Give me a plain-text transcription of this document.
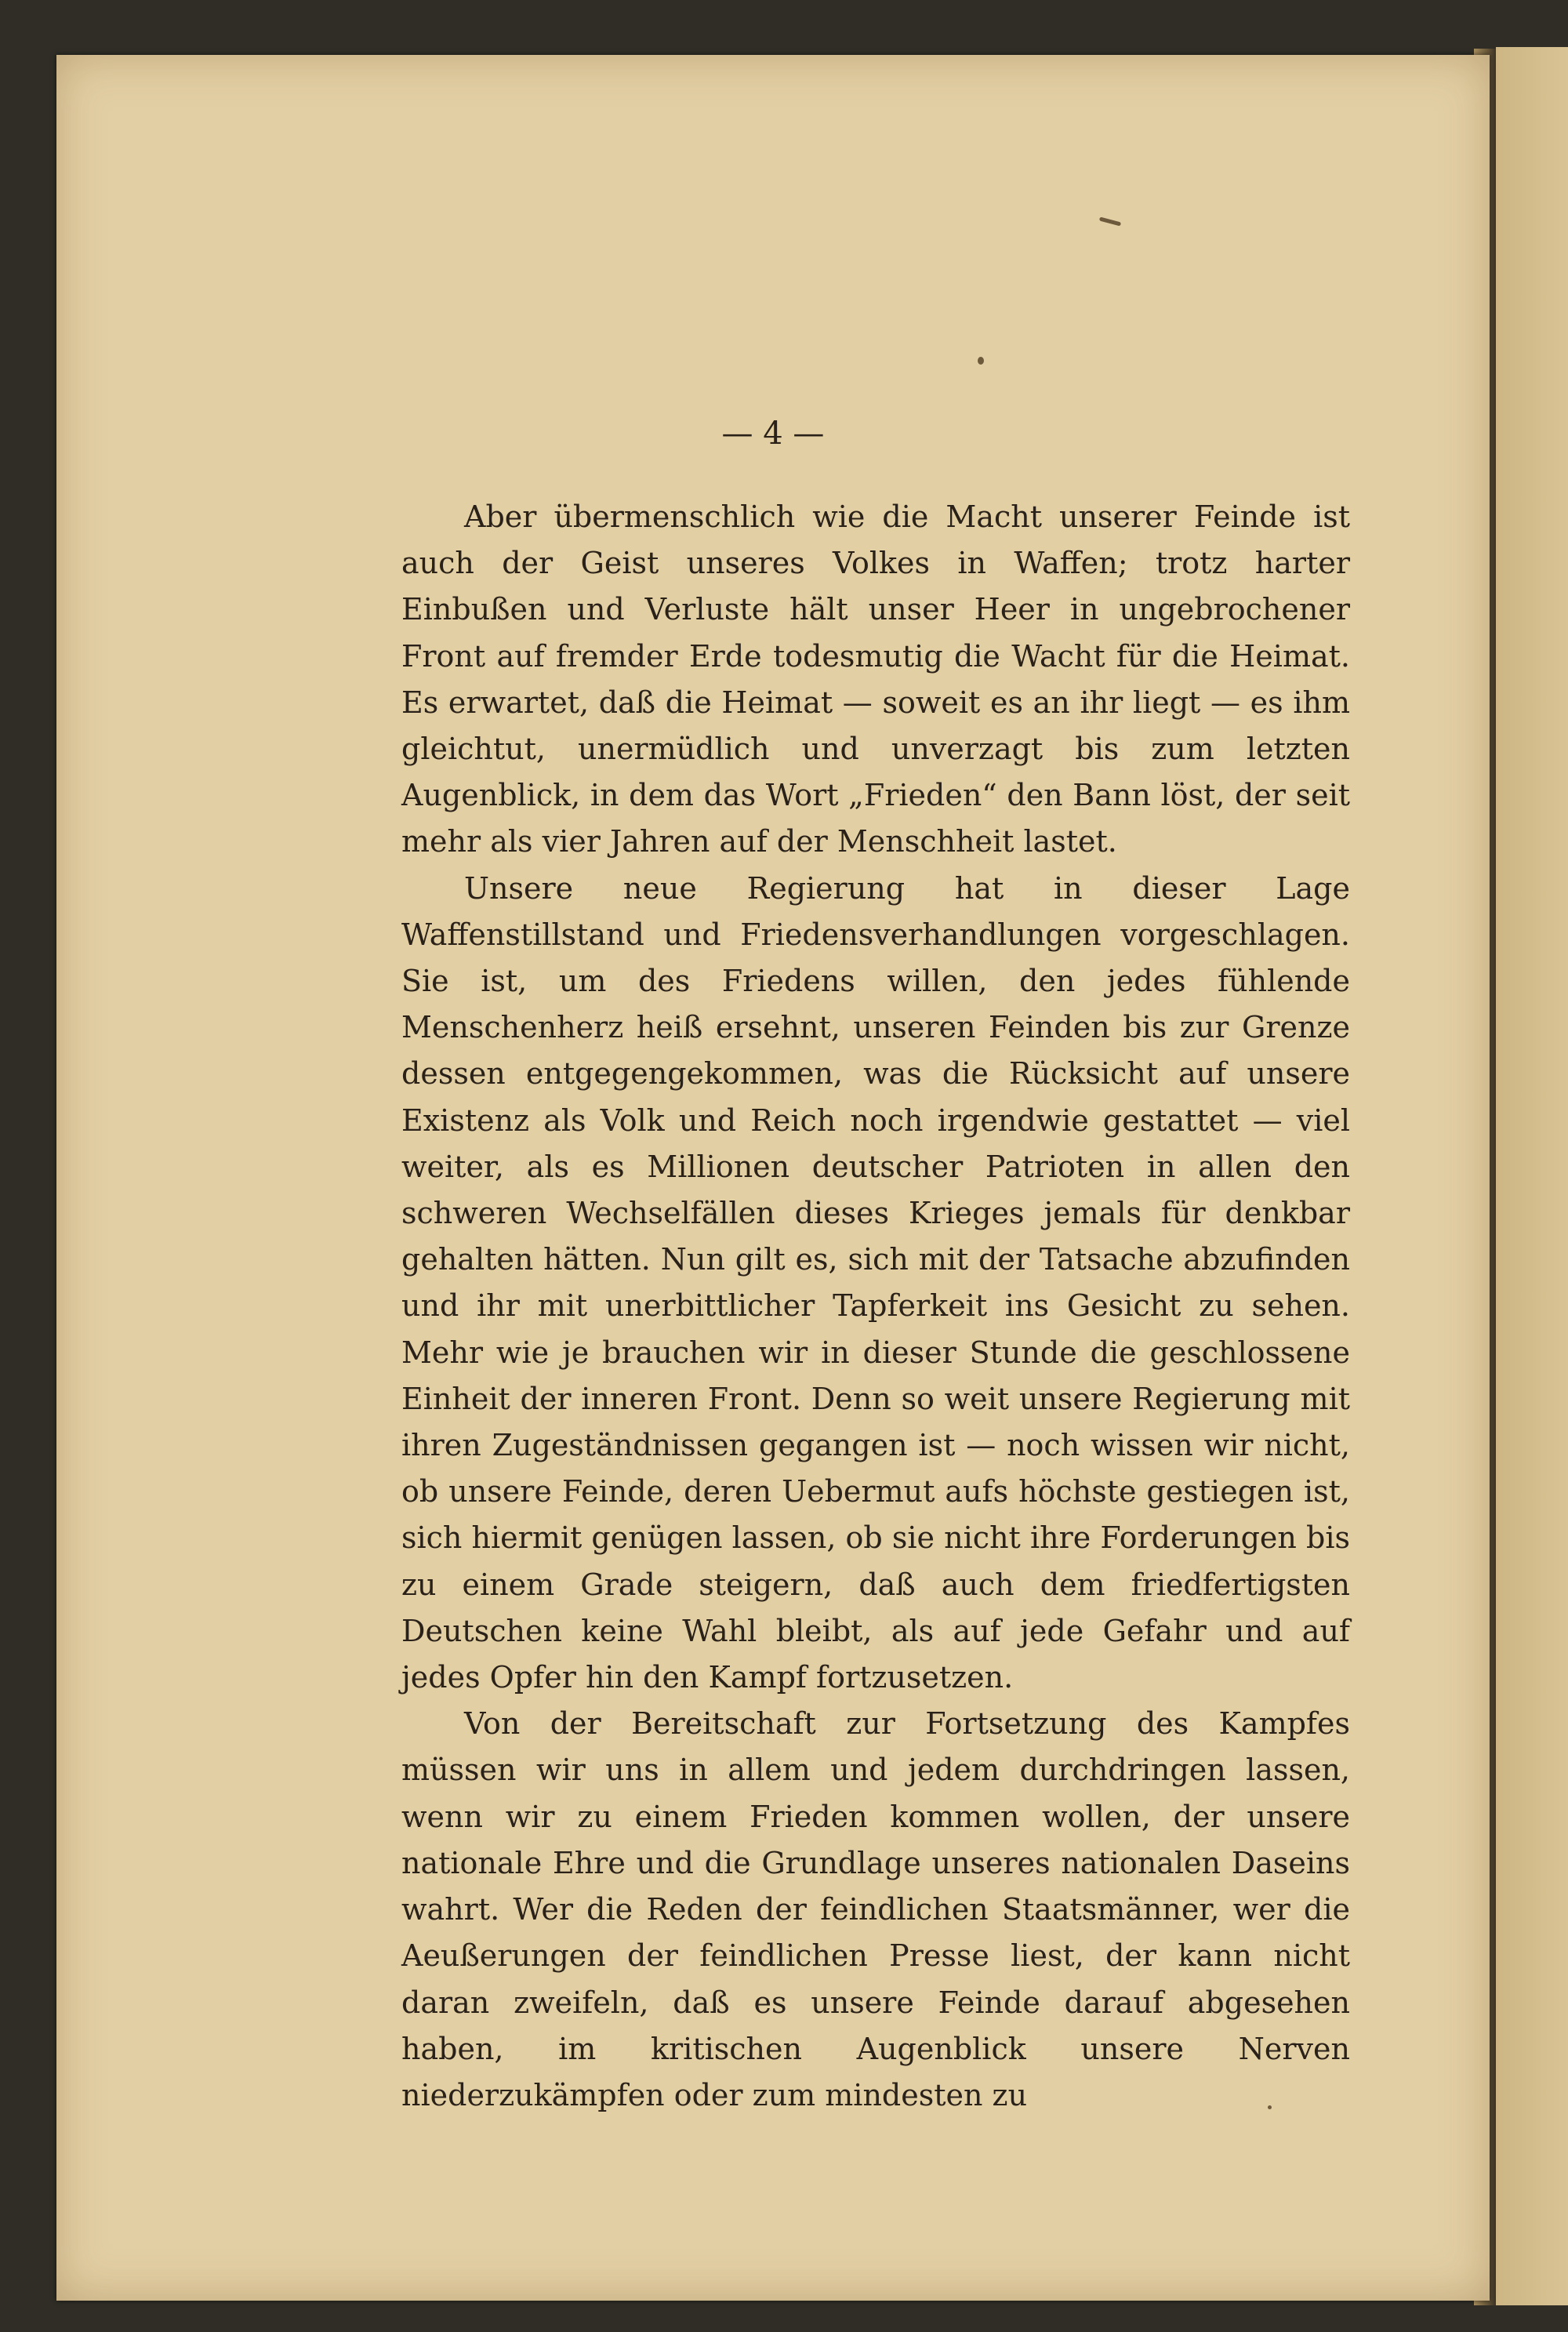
— 4 —

Aber übermenschlich wie die Macht unserer Feinde ist auch der Geist unseres Volkes in Waffen; trotz harter Einbußen und Verluste hält unser Heer in ungebrochener Front auf fremder Erde todesmutig die Wacht für die Heimat. Es erwartet, daß die Heimat — soweit es an ihr liegt — es ihm gleichtut, unermüdlich und unverzagt bis zum letzten Augenblick, in dem das Wort „Frieden“ den Bann löst, der seit mehr als vier Jahren auf der Menschheit lastet.

Unsere neue Regierung hat in dieser Lage Waffenstillstand und Friedensverhandlungen vorgeschlagen. Sie ist, um des Friedens willen, den jedes fühlende Menschenherz heiß ersehnt, unseren Feinden bis zur Grenze dessen entgegengekommen, was die Rücksicht auf unsere Existenz als Volk und Reich noch irgendwie gestattet — viel weiter, als es Millionen deutscher Patrioten in allen den schweren Wechselfällen dieses Krieges jemals für denkbar gehalten hätten. Nun gilt es, sich mit der Tatsache abzufinden und ihr mit unerbittlicher Tapferkeit ins Gesicht zu sehen. Mehr wie je brauchen wir in dieser Stunde die geschlossene Einheit der inneren Front. Denn so weit unsere Regierung mit ihren Zugeständnissen gegangen ist — noch wissen wir nicht, ob unsere Feinde, deren Uebermut aufs höchste gestiegen ist, sich hiermit genügen lassen, ob sie nicht ihre Forderungen bis zu einem Grade steigern, daß auch dem friedfertigsten Deutschen keine Wahl bleibt, als auf jede Gefahr und auf jedes Opfer hin den Kampf fortzusetzen.

Von der Bereitschaft zur Fortsetzung des Kampfes müssen wir uns in allem und jedem durchdringen lassen, wenn wir zu einem Frieden kommen wollen, der unsere nationale Ehre und die Grundlage unseres nationalen Daseins wahrt. Wer die Reden der feindlichen Staatsmänner, wer die Aeußerungen der feindlichen Presse liest, der kann nicht daran zweifeln, daß es unsere Feinde darauf abgesehen haben, im kritischen Augenblick unsere Nerven niederzukämpfen oder zum mindesten zu
